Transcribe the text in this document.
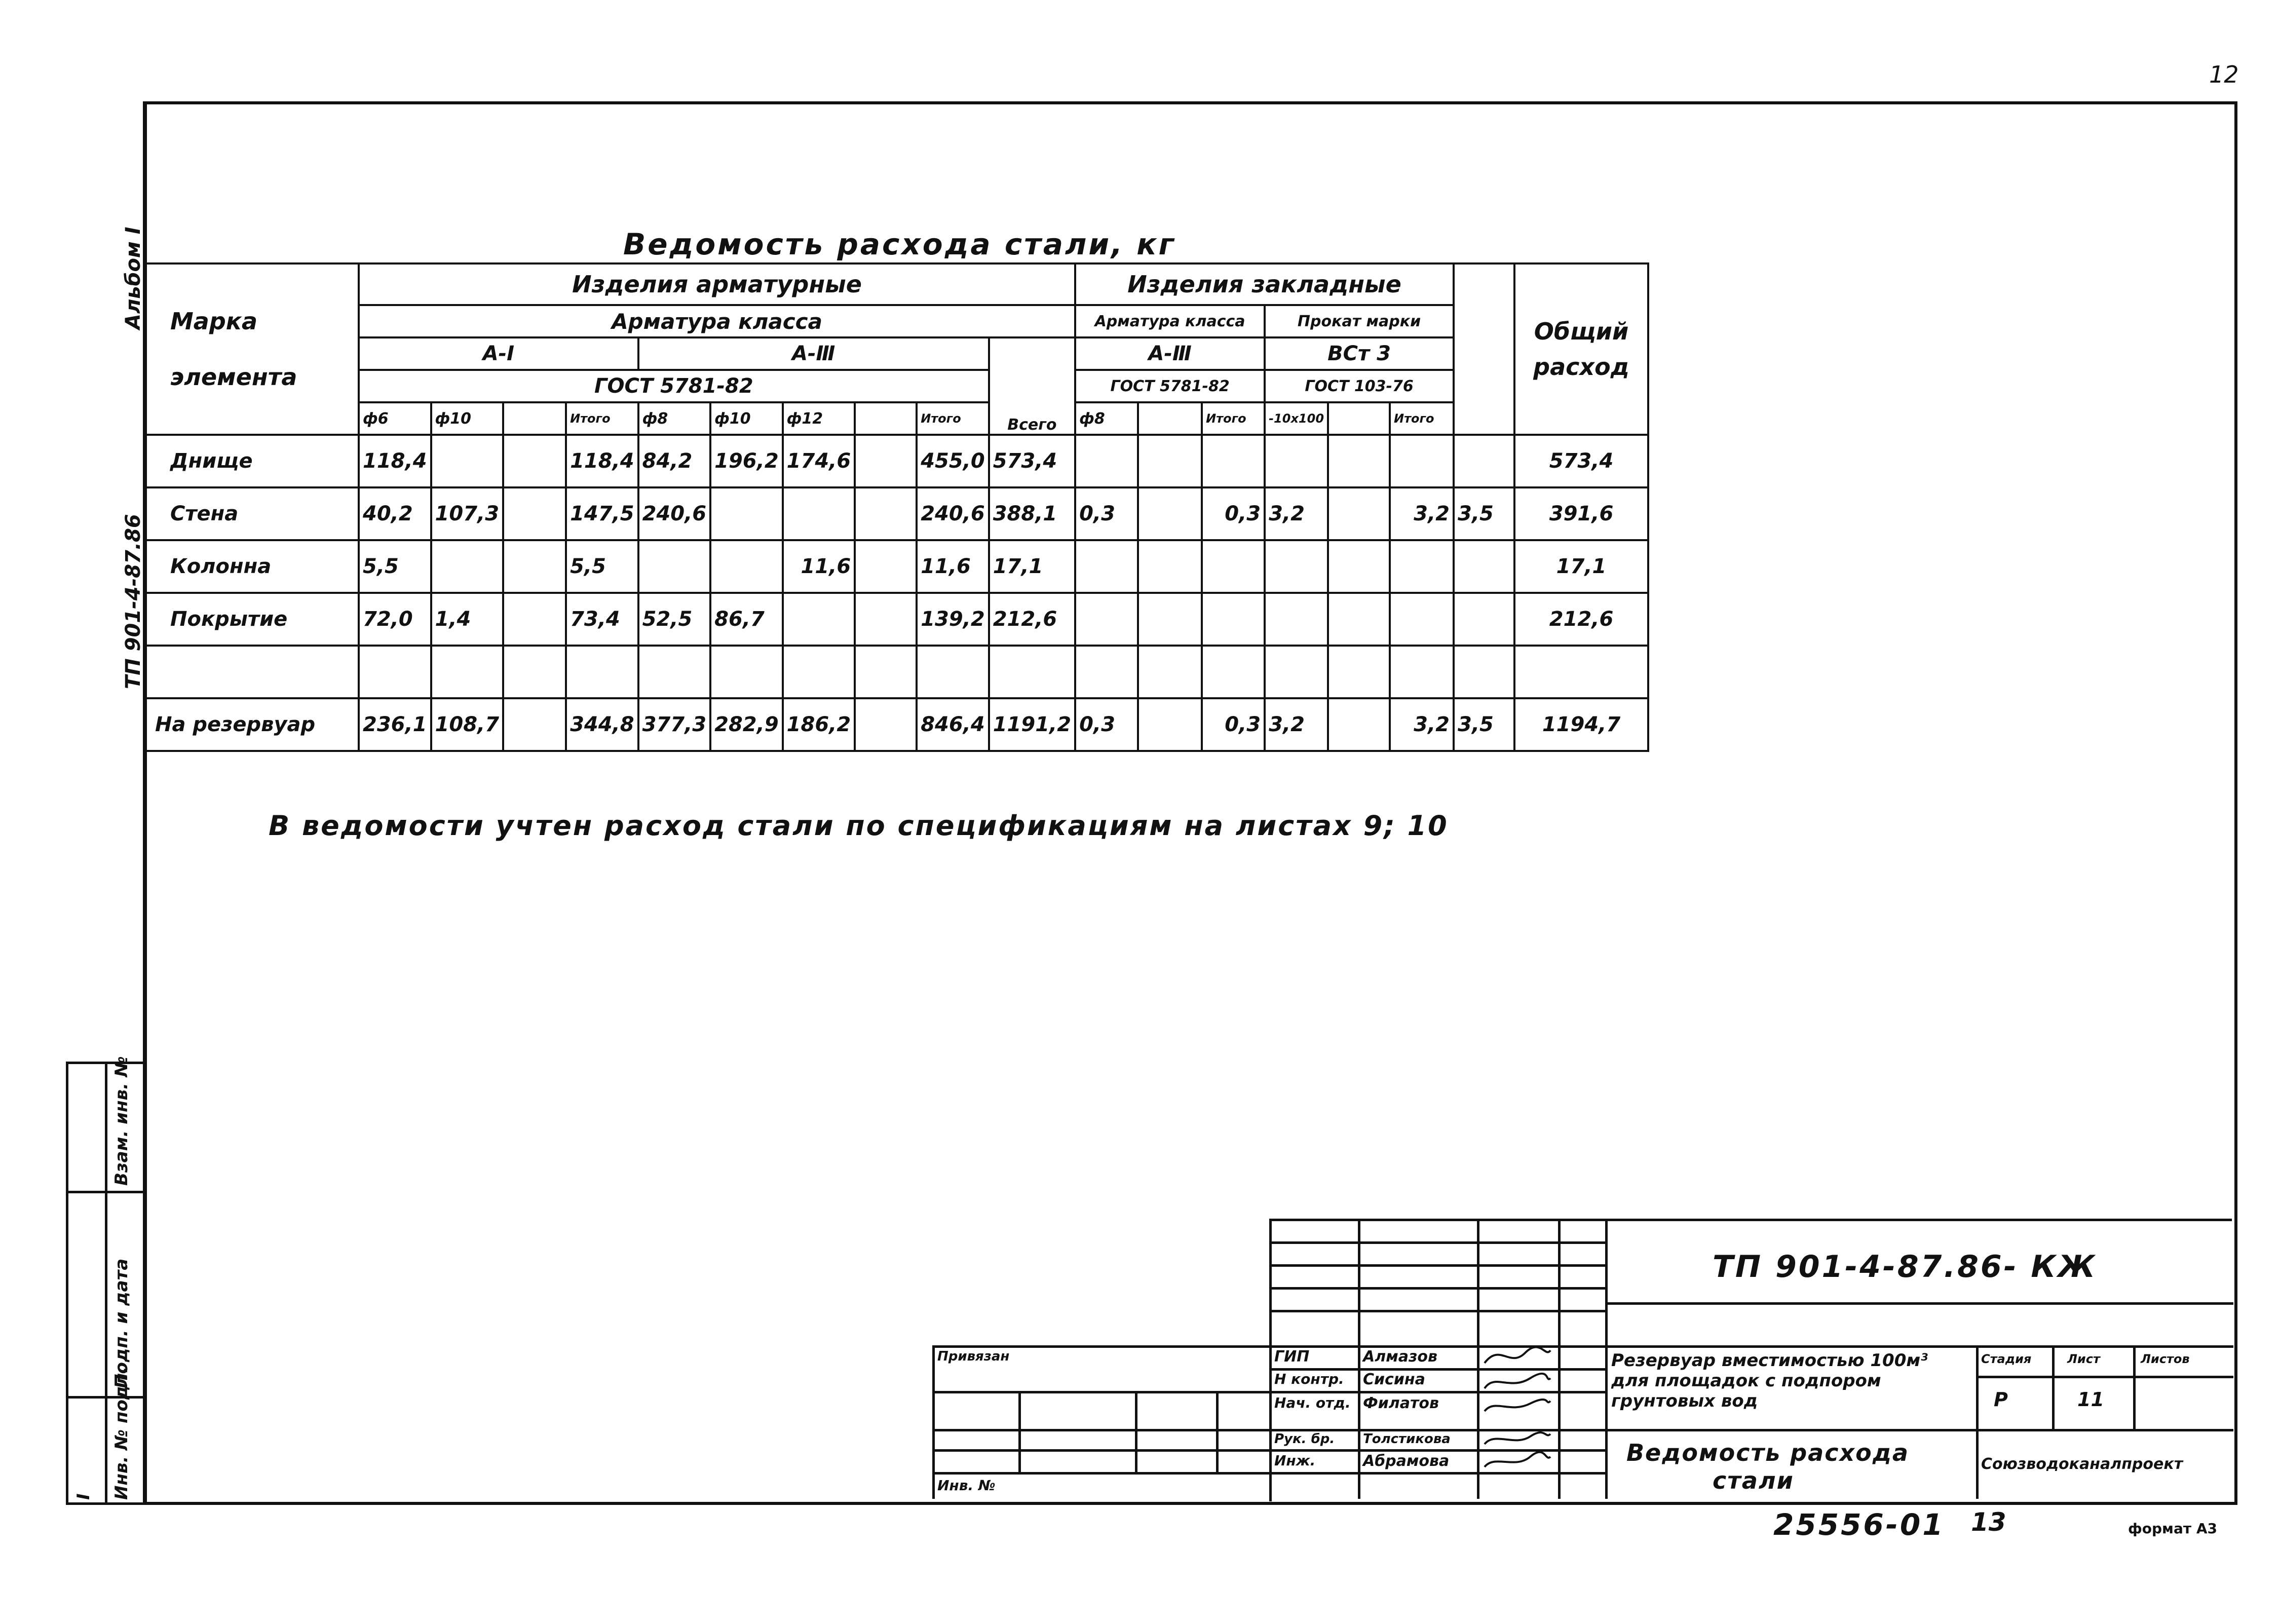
12
Альбом I
ТП 901-4-87.86
Ведомость расхода стали, кг
Марка
элемента	Изделия арматурные										Изделия закладные							Общий
расход
	Арматура класса										Арматура класса			Прокат марки				
	А-I				А-Ⅲ					Всего	А-Ⅲ			ВСт 3				
	ГОСТ 5781-82										ГОСТ 5781-82			ГОСТ 103-76				
	ф6	ф10		Итого	ф8	ф10	ф12		Итого		ф8		Итого	-10x100		Итого		
Днище	118,4			118,4	84,2	196,2	174,6		455,0	573,4								573,4
Стена	40,2	107,3		147,5	240,6				240,6	388,1	0,3		0,3	3,2		3,2	3,5	391,6
Колонна	5,5			5,5			11,6		11,6	17,1								17,1
Покрытие	72,0	1,4		73,4	52,5	86,7			139,2	212,6								212,6

На резервуар	236,1	108,7		344,8	377,3	282,9	186,2		846,4	1191,2	0,3		0,3	3,2		3,2	3,5	1194,7
В ведомости учтен расход стали по спецификациям на листах 9; 10
Взам. инв. №
Подп. и дата
Инв. № подл.
I
Привязан
Инв. №
ГИП
Н контр.
Нач. отд.
Рук. бр.
Инж.
Алмазов
Сисина
Филатов
Толстикова
Абрамова
ТП 901-4-87.86- КЖ
Резервуар вместимостью 100м³
для площадок с подпором
грунтовых вод
Стадия	Лист	Листов
Р	11
Ведомость расхода
стали
Союзводоканалпроект
25556-01 13	формат А3
